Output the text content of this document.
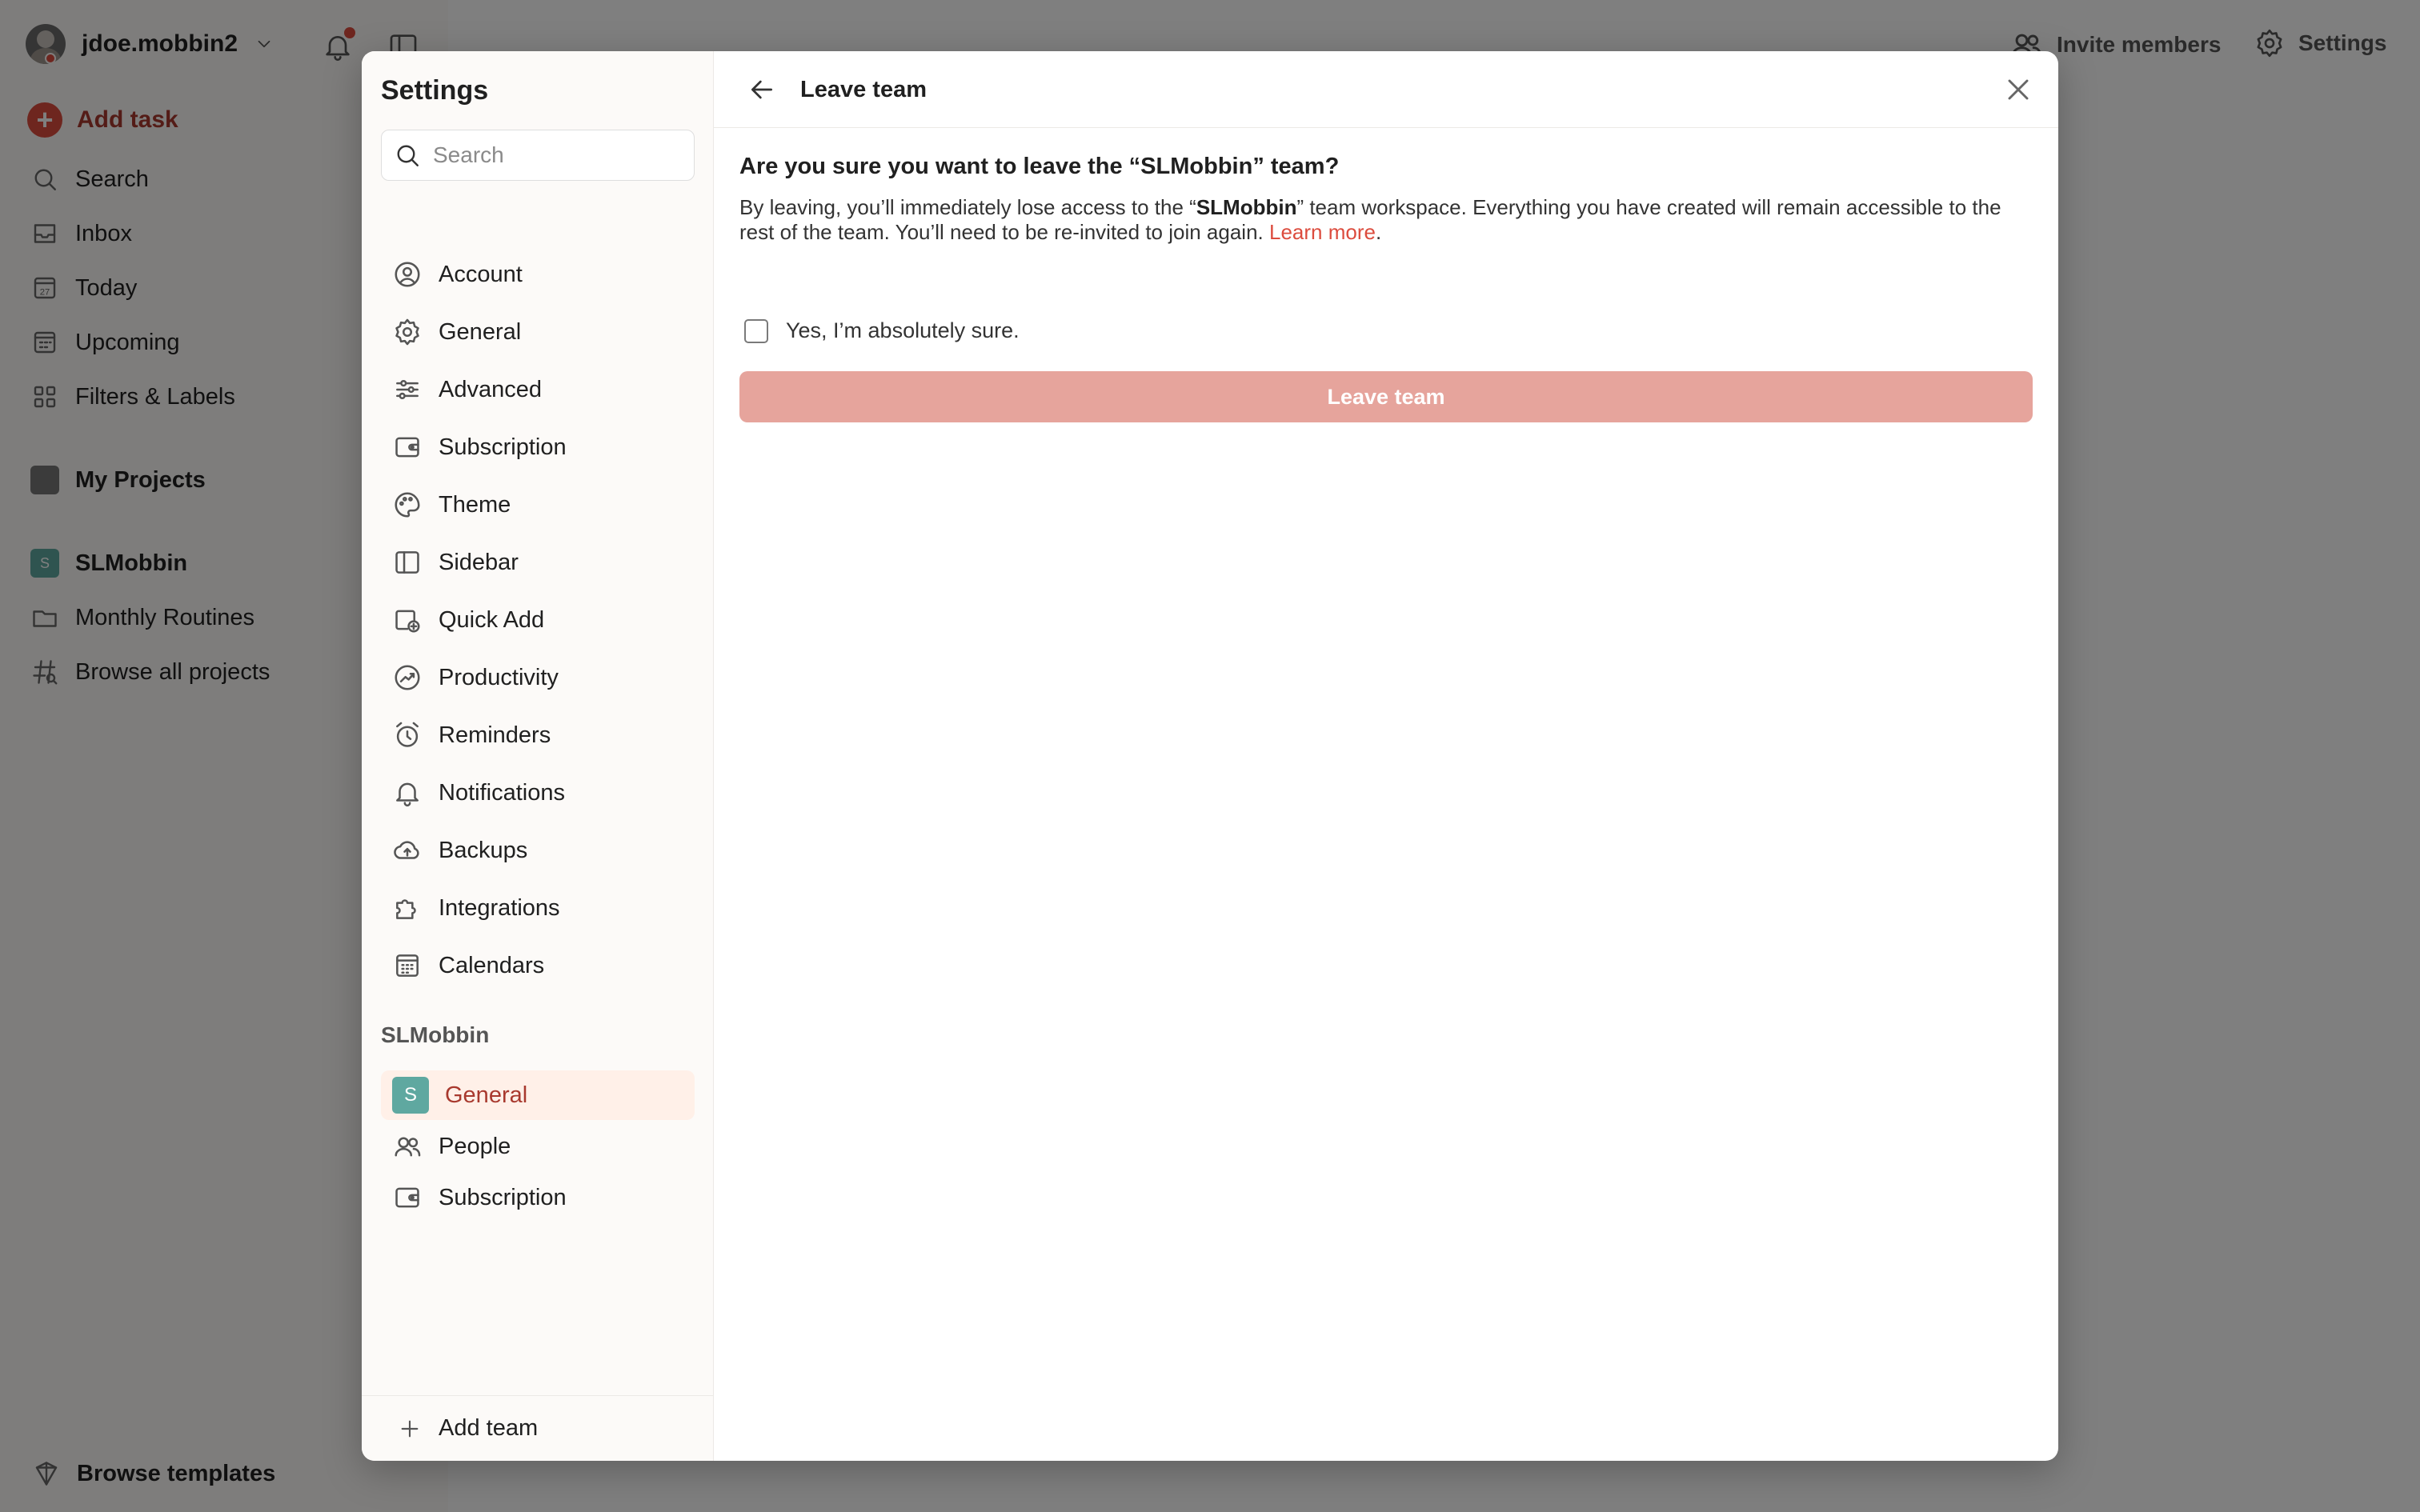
Settings
Search
Account
General
Advanced
Subscription
Theme
Sidebar
Quick Add
Productivity
Reminders
Notifications
Backups
Integrations
Calendars
SLMobbin
S	General
People
Subscription
Add team
Leave team
Are you sure you want to leave the “SLMobbin” team?
By leaving, you’ll immediately lose access to the “SLMobbin” team workspace. Everything you have created will remain accessible to the rest of the team. You’ll need to be re-invited to join again. Learn more.
Yes, I’m absolutely sure.
Leave team
